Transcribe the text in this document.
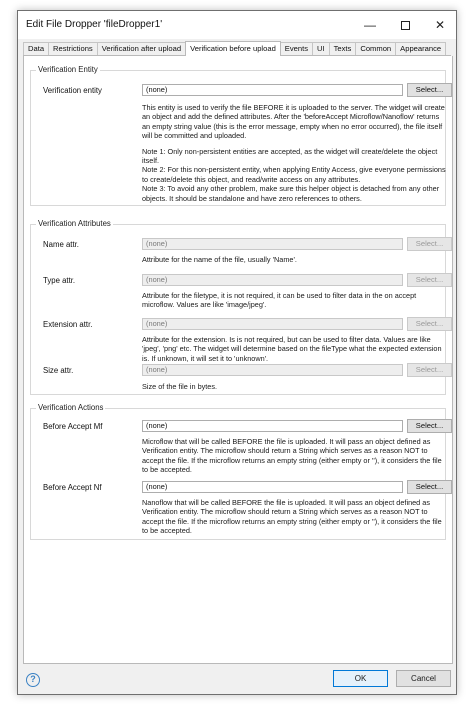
Edit File Dropper 'fileDropper1'	—	✕
Data	Restrictions	Verification after upload	Verification before upload	Events	UI	Texts	Common	Appearance
Verification Entity
Verification entity	(none)	Select...

This entity is used to verify the file BEFORE it is uploaded to the server. The widget will create an object and add the defined attributes. After the 'beforeAccept Microflow/Nanoflow' returns an empty string value (this is the error message, empty when no error occurred), the file itself will be committed and uploaded.

Note 1: Only non-persistent entities are accepted, as the widget will create/delete the object itself.

Note 2: For this non-persistent entity, when applying Entity Access, give everyone permissions to create/delete this object, and read/write access on any attributes.

Note 3: To avoid any other problem, make sure this helper object is detached from any other objects. It should be standalone and have zero references to others.

Verification Attributes
Name attr.	(none)	Select...
Attribute for the name of the file, usually 'Name'.
Type attr.	(none)	Select...
Attribute for the filetype, it is not required, it can be used to filter data in the on accept microflow. Values are like 'image/jpeg'.
Extension attr.	(none)	Select...
Attribute for the extension. Is is not required, but can be used to filter data. Values are like 'jpeg', 'png' etc. The widget will determine based on the fileType what the expected extension is. If unknown, it will set it to 'unknown'.
Size attr.	(none)	Select...
Size of the file in bytes.
Verification Actions
Before Accept Mf	(none)	Select...
Microflow that will be called BEFORE the file is uploaded. It will pass an object defined as Verification entity. The microflow should return a String which serves as a reason NOT to accept the file. If the microflow returns an empty string (either empty or ''), it considers the file to be accepted.
Before Accept Nf	(none)	Select...
Nanoflow that will be called BEFORE the file is uploaded. It will pass an object defined as Verification entity. The microflow should return a String which serves as a reason NOT to accept the file. If the microflow returns an empty string (either empty or ''), it considers the file to be accepted.
?	OK	Cancel
